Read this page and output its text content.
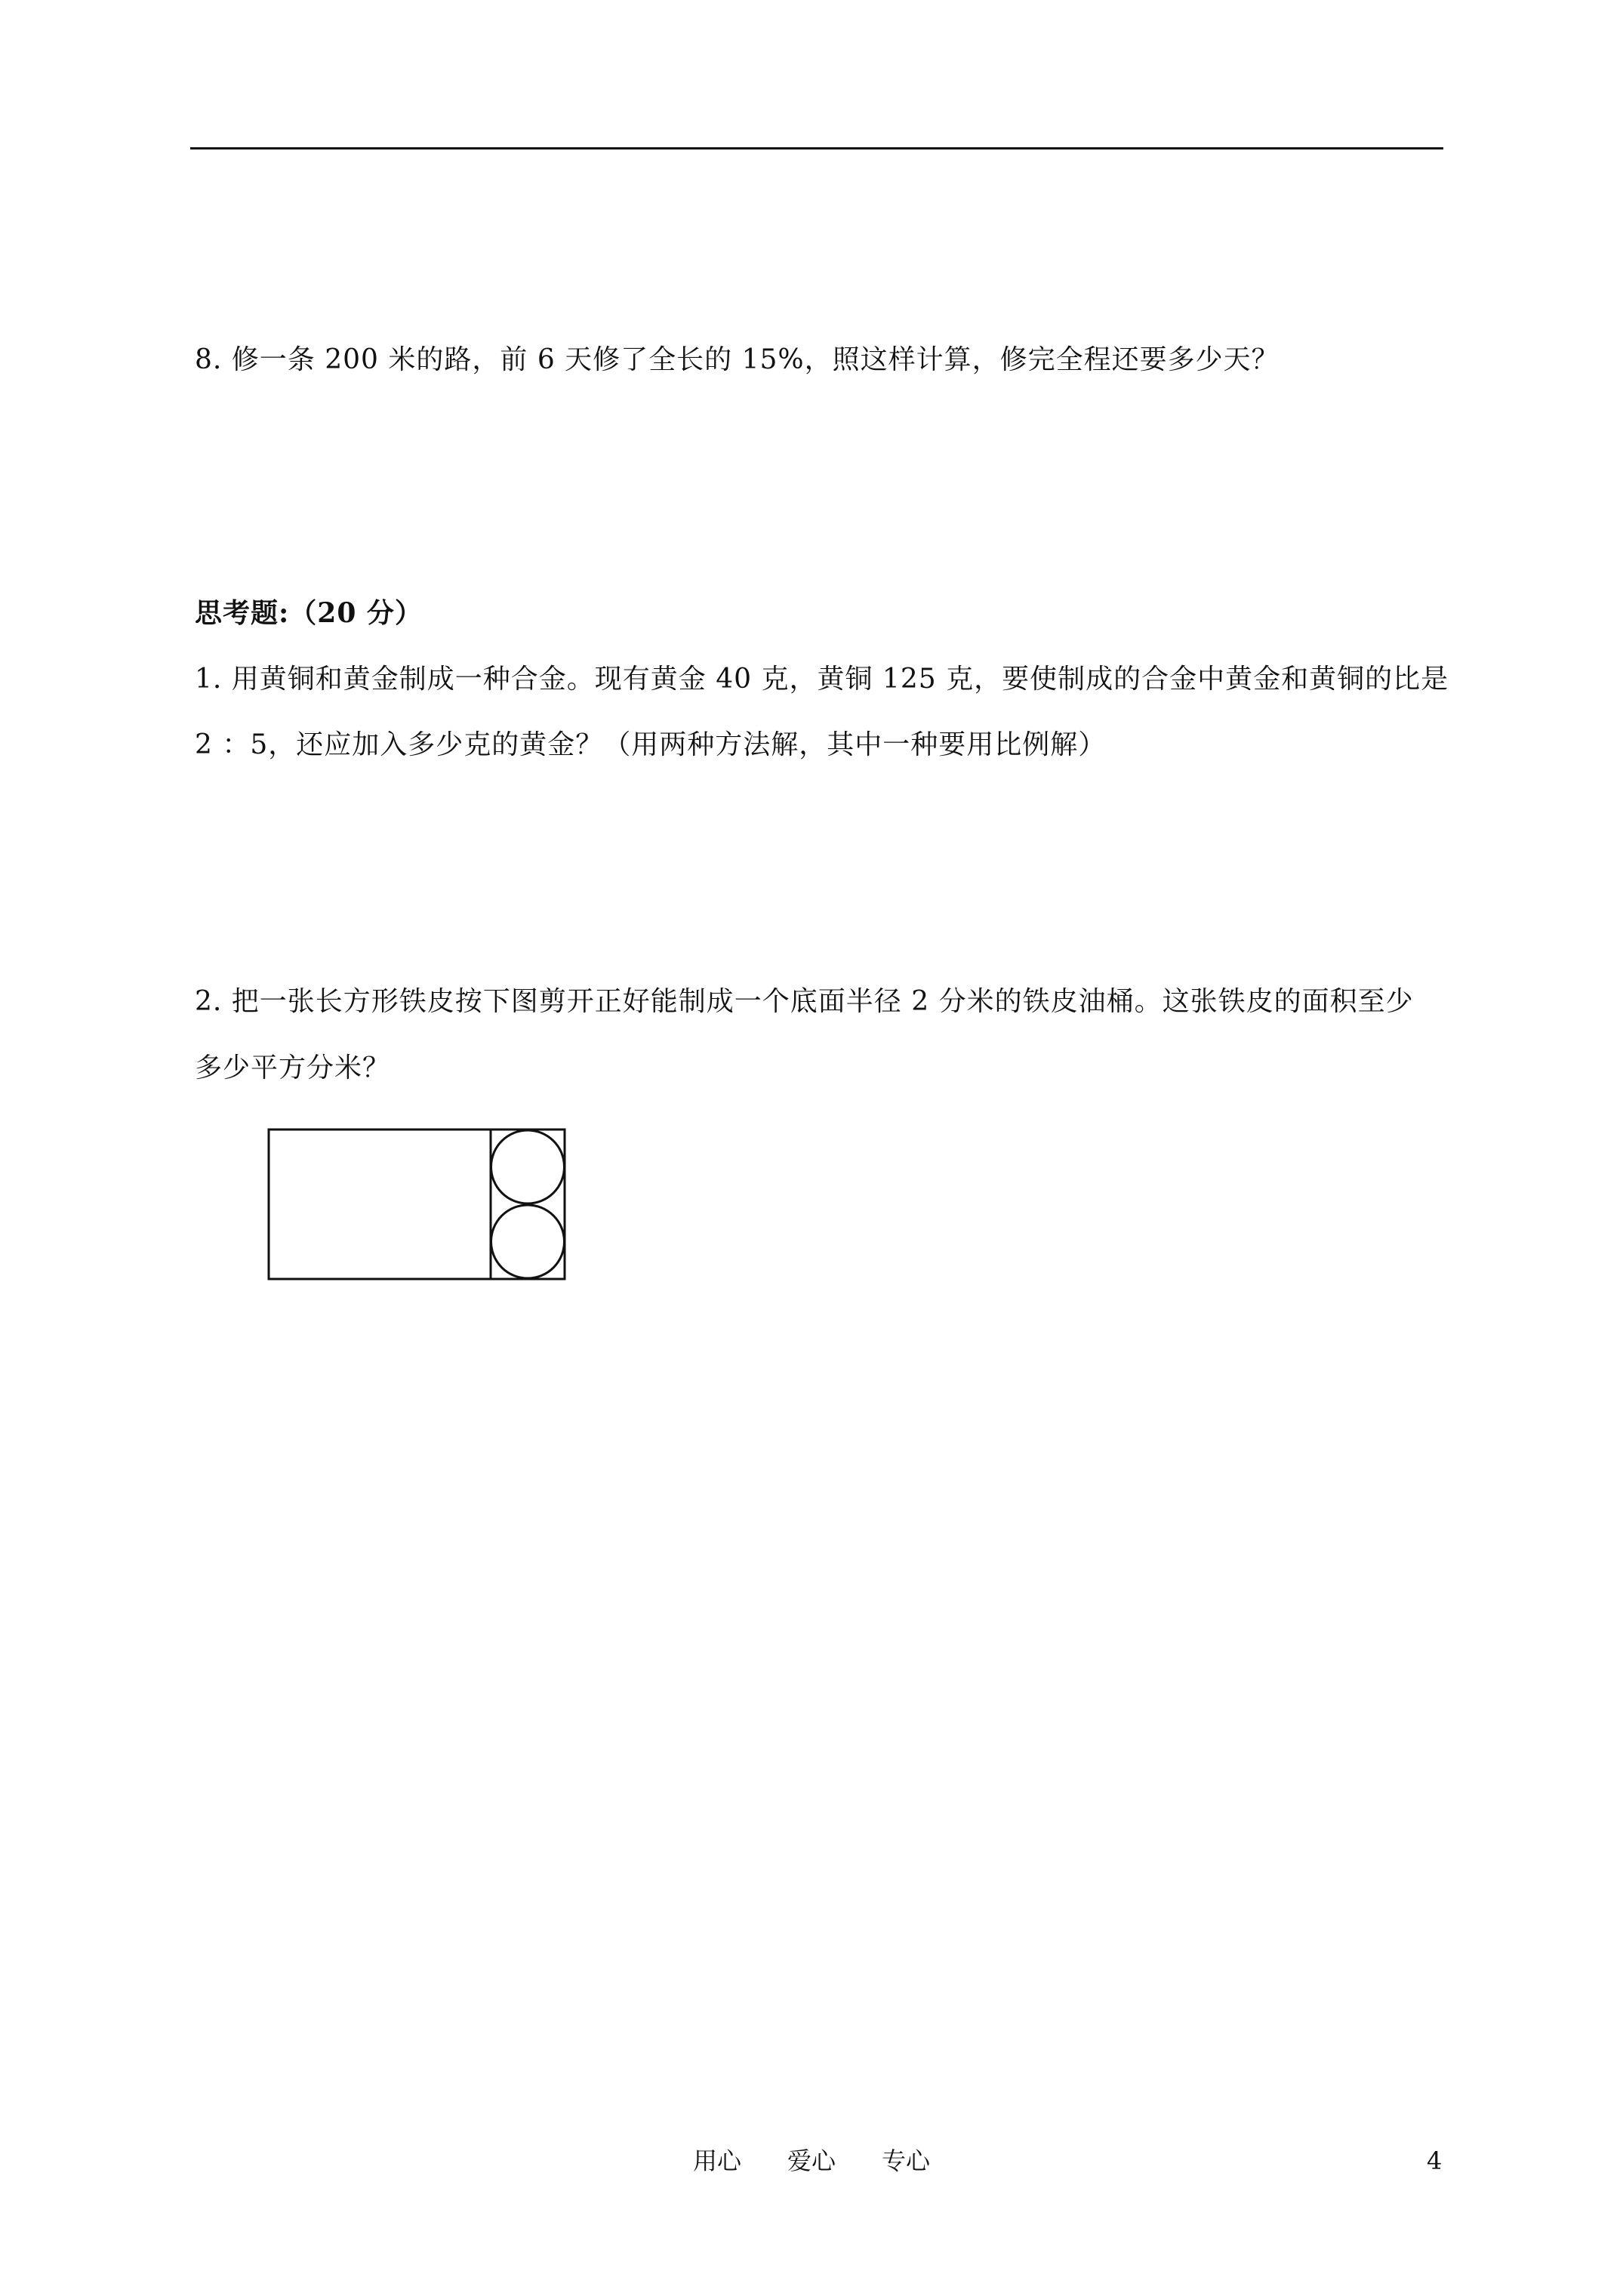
8. 修一条 200 米的路，前 6 天修了全长的 15%，照这样计算，修完全程还要多少天？
思考题:（20 分）
1. 用黄铜和黄金制成一种合金。现有黄金 40 克，黄铜 125 克，要使制成的合金中黄金和黄铜的比是
2 ：5，还应加入多少克的黄金？（用两种方法解，其中一种要用比例解）
2. 把一张长方形铁皮按下图剪开正好能制成一个底面半径 2 分米的铁皮油桶。这张铁皮的面积至少
多少平方分米？
用心      爱心      专心	4
